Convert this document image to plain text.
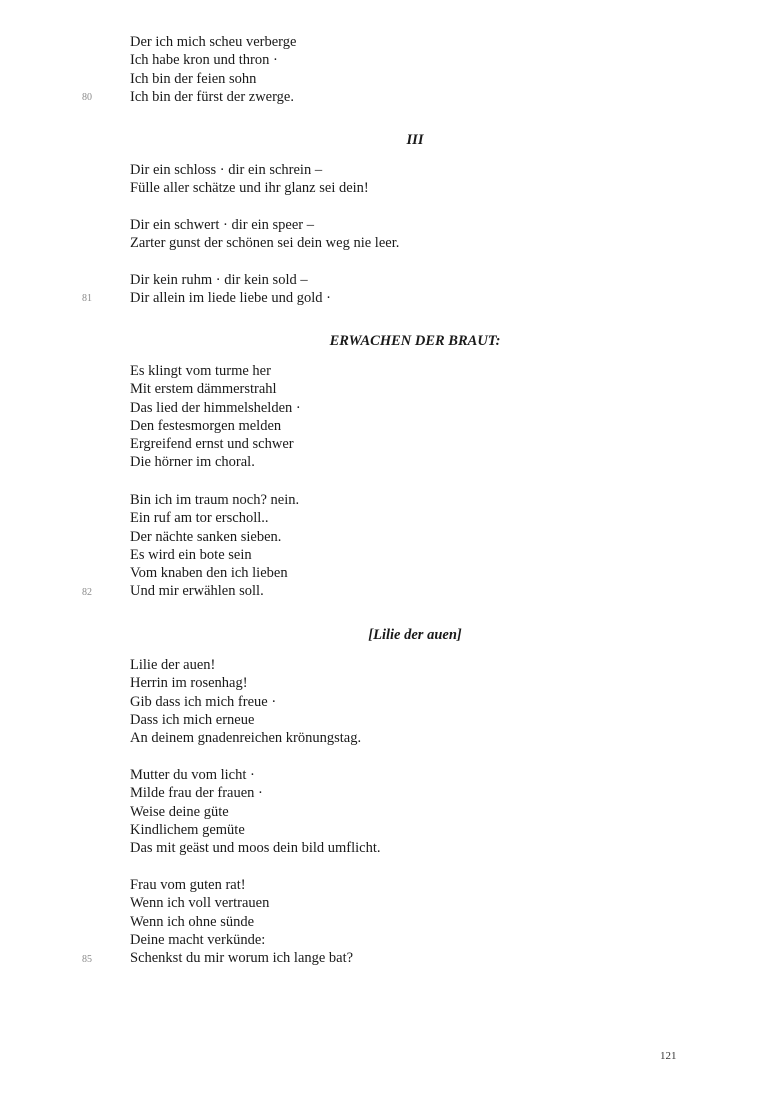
Der ich mich scheu verberge
Ich habe kron und thron ·
Ich bin der feien sohn
Ich bin der fürst der zwerge.
80
III
Dir ein schloss · dir ein schrein –
Fülle aller schätze und ihr glanz sei dein!
Dir ein schwert · dir ein speer –
Zarter gunst der schönen sei dein weg nie leer.
Dir kein ruhm · dir kein sold –
Dir allein im liede liebe und gold ·
81
ERWACHEN DER BRAUT:
Es klingt vom turme her
Mit erstem dämmerstrahl
Das lied der himmelshelden ·
Den festesmorgen melden
Ergreifend ernst und schwer
Die hörner im choral.
Bin ich im traum noch? nein.
Ein ruf am tor erscholl..
Der nächte sanken sieben.
Es wird ein bote sein
Vom knaben den ich lieben
Und mir erwählen soll.
82
[Lilie der auen]
Lilie der auen!
Herrin im rosenhag!
Gib dass ich mich freue ·
Dass ich mich erneue
An deinem gnadenreichen krönungstag.
Mutter du vom licht ·
Milde frau der frauen ·
Weise deine güte
Kindlichem gemüte
Das mit geäst und moos dein bild umflicht.
Frau vom guten rat!
Wenn ich voll vertrauen
Wenn ich ohne sünde
Deine macht verkünde:
Schenkst du mir worum ich lange bat?
85
121
